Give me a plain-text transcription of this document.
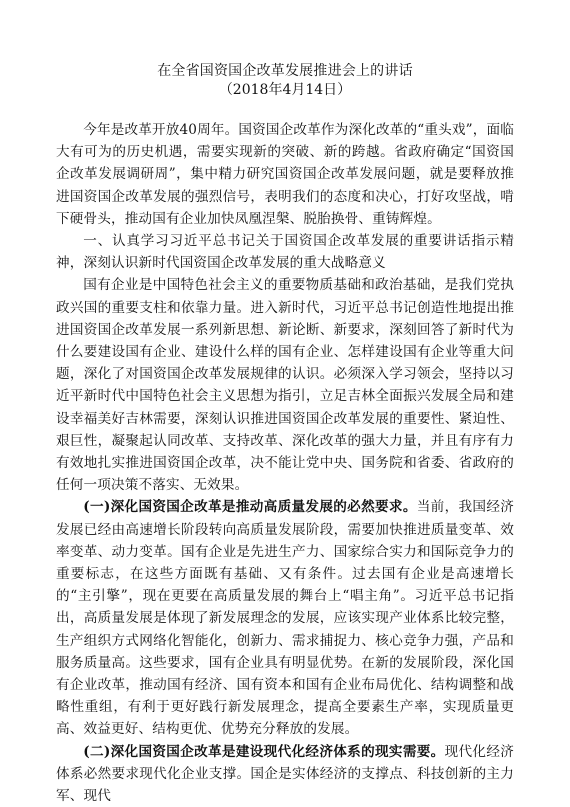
在全省国资国企改革发展推进会上的讲话
（2018年4月14日）

今年是改革开放40周年。国资国企改革作为深化改革的“重头戏”，面临大有可为的历史机遇，需要实现新的突破、新的跨越。省政府确定“国资国企改革发展调研周”，集中精力研究国资国企改革发展问题，就是要释放推进国资国企改革发展的强烈信号，表明我们的态度和决心，打好攻坚战，啃下硬骨头，推动国有企业加快凤凰涅槃、脱胎换骨、重铸辉煌。

一、认真学习习近平总书记关于国资国企改革发展的重要讲话指示精神，深刻认识新时代国资国企改革发展的重大战略意义

国有企业是中国特色社会主义的重要物质基础和政治基础，是我们党执政兴国的重要支柱和依靠力量。进入新时代，习近平总书记创造性地提出推进国资国企改革发展一系列新思想、新论断、新要求，深刻回答了新时代为什么要建设国有企业、建设什么样的国有企业、怎样建设国有企业等重大问题，深化了对国资国企改革发展规律的认识。必须深入学习领会，坚持以习近平新时代中国特色社会主义思想为指引，立足吉林全面振兴发展全局和建设幸福美好吉林需要，深刻认识推进国资国企改革发展的重要性、紧迫性、艰巨性，凝聚起认同改革、支持改革、深化改革的强大力量，并且有序有力有效地扎实推进国资国企改革，决不能让党中央、国务院和省委、省政府的任何一项决策不落实、无效果。

(一)深化国资国企改革是推动高质量发展的必然要求。当前，我国经济发展已经由高速增长阶段转向高质量发展阶段，需要加快推进质量变革、效率变革、动力变革。国有企业是先进生产力、国家综合实力和国际竞争力的重要标志，在这些方面既有基础、又有条件。过去国有企业是高速增长的“主引擎”，现在更要在高质量发展的舞台上“唱主角”。习近平总书记指出，高质量发展是体现了新发展理念的发展，应该实现产业体系比较完整，生产组织方式网络化智能化，创新力、需求捕捉力、核心竞争力强，产品和服务质量高。这些要求，国有企业具有明显优势。在新的发展阶段，深化国有企业改革，推动国有经济、国有资本和国有企业布局优化、结构调整和战略性重组，有利于更好践行新发展理念，提高全要素生产率，实现质量更高、效益更好、结构更优、优势充分释放的发展。

(二)深化国资国企改革是建设现代化经济体系的现实需要。现代化经济体系必然要求现代化企业支撑。国企是实体经济的支撑点、科技创新的主力军、现代
